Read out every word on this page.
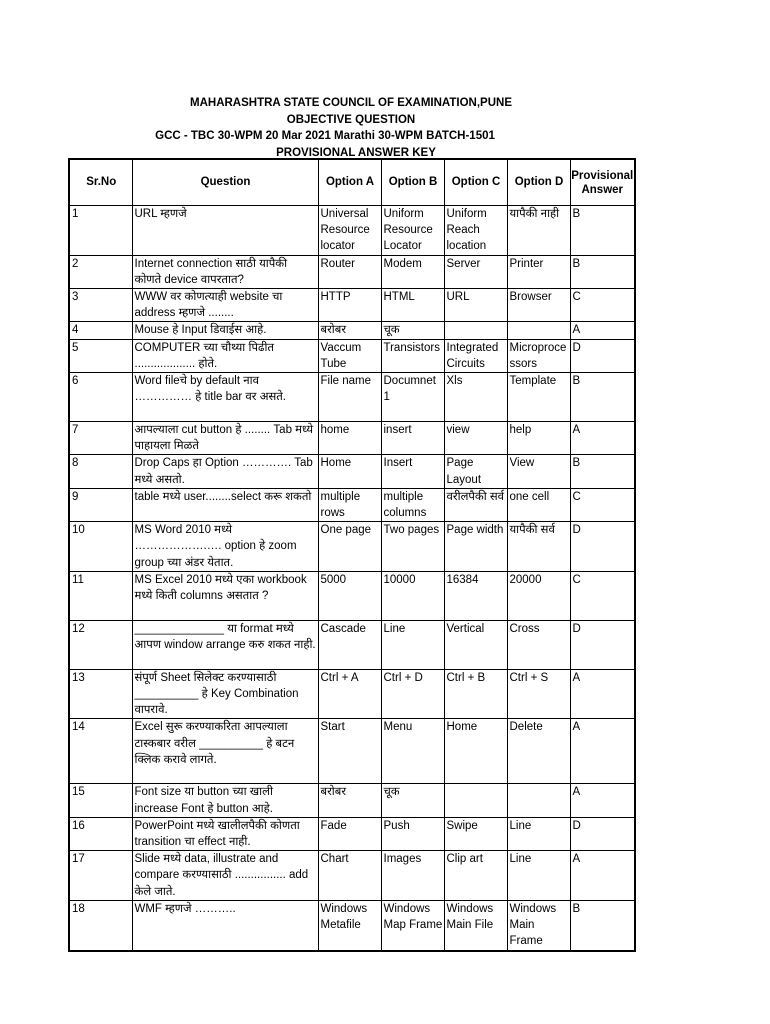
MAHARASHTRA STATE COUNCIL OF EXAMINATION,PUNE
OBJECTIVE QUESTION
GCC - TBC 30-WPM 20 Mar 2021 Marathi 30-WPM BATCH-1501
PROVISIONAL ANSWER KEY
Sr.No	Question	Option A	Option B	Option C	Option D	Provisional Answer
1	URL म्हणजे	Universal Resource locator	Uniform Resource Locator	Uniform Reach location	यापैकी नाही	B
2	Internet connection साठी यापैकी कोणते device वापरतात?	Router	Modem	Server	Printer	B
3	WWW वर कोणत्याही website चा address म्हणजे ........	HTTP	HTML	URL	Browser	C
4	Mouse हे Input डिवाईस आहे.	बरोबर	चूक			A
5	COMPUTER च्या चौथ्या पिढीत ................... होते.	Vaccum Tube	Transistors	Integrated Circuits	Microprocessors	D
6	Word fileचे by default नाव …………… हे title bar वर असते.	File name	Documnet 1	Xls	Template	B
7	आपल्याला cut button हे ........ Tab मध्ये पाहायला मिळते	home	insert	view	help	A
8	Drop Caps हा Option …………. Tab मध्ये असतो.	Home	Insert	Page Layout	View	B
9	table मध्ये user........select करू शकतो	multiple rows	multiple columns	वरीलपैकी सर्व	one cell	C
10	MS Word 2010 मध्ये ……………….…. option हे zoom group च्या अंडर येतात.	One page	Two pages	Page width	यापैकी सर्व	D
11	MS Excel 2010 मध्ये एका workbook मध्ये किती columns असतात ?	5000	10000	16384	20000	C
12	______________ या format मध्ये आपण window arrange करु शकत नाही.	Cascade	Line	Vertical	Cross	D
13	संपूर्ण Sheet सिलेक्ट करण्यासाठी __________ हे Key Combination वापरावे.	Ctrl + A	Ctrl + D	Ctrl + B	Ctrl + S	A
14	Excel सुरू करण्याकरिता आपल्याला टास्कबार वरील __________ हे बटन क्लिक करावे लागते.	Start	Menu	Home	Delete	A
15	Font size या button च्या खाली increase Font हे button आहे.	बरोबर	चूक			A
16	PowerPoint मध्ये खालीलपैकी कोणता transition चा effect नाही.	Fade	Push	Swipe	Line	D
17	Slide मध्ये data, illustrate and compare करण्यासाठी ................ add केले जाते.	Chart	Images	Clip art	Line	A
18	WMF म्हणजे ………..	Windows Metafile	Windows Map Frame	Windows Main File	Windows Main Frame	B
